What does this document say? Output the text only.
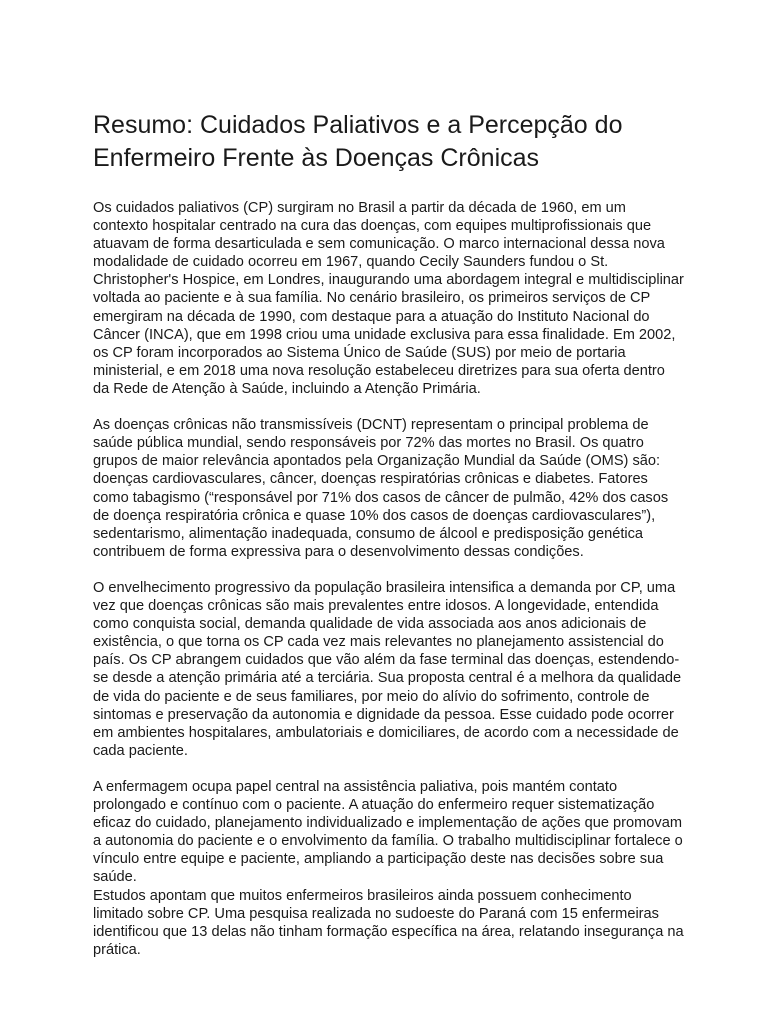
Resumo: Cuidados Paliativos e a Percepção do Enfermeiro Frente às Doenças Crônicas

Os cuidados paliativos (CP) surgiram no Brasil a partir da década de 1960, em um contexto hospitalar centrado na cura das doenças, com equipes multiprofissionais que atuavam de forma desarticulada e sem comunicação. O marco internacional dessa nova modalidade de cuidado ocorreu em 1967, quando Cecily Saunders fundou o St. Christopher's Hospice, em Londres, inaugurando uma abordagem integral e multidisciplinar voltada ao paciente e à sua família. No cenário brasileiro, os primeiros serviços de CP emergiram na década de 1990, com destaque para a atuação do Instituto Nacional do Câncer (INCA), que em 1998 criou uma unidade exclusiva para essa finalidade. Em 2002, os CP foram incorporados ao Sistema Único de Saúde (SUS) por meio de portaria ministerial, e em 2018 uma nova resolução estabeleceu diretrizes para sua oferta dentro da Rede de Atenção à Saúde, incluindo a Atenção Primária.

As doenças crônicas não transmissíveis (DCNT) representam o principal problema de saúde pública mundial, sendo responsáveis por 72% das mortes no Brasil. Os quatro grupos de maior relevância apontados pela Organização Mundial da Saúde (OMS) são: doenças cardiovasculares, câncer, doenças respiratórias crônicas e diabetes. Fatores como tabagismo (“responsável por 71% dos casos de câncer de pulmão, 42% dos casos de doença respiratória crônica e quase 10% dos casos de doenças cardiovasculares”), sedentarismo, alimentação inadequada, consumo de álcool e predisposição genética contribuem de forma expressiva para o desenvolvimento dessas condições.

O envelhecimento progressivo da população brasileira intensifica a demanda por CP, uma vez que doenças crônicas são mais prevalentes entre idosos. A longevidade, entendida como conquista social, demanda qualidade de vida associada aos anos adicionais de existência, o que torna os CP cada vez mais relevantes no planejamento assistencial do país. Os CP abrangem cuidados que vão além da fase terminal das doenças, estendendo-se desde a atenção primária até a terciária. Sua proposta central é a melhora da qualidade de vida do paciente e de seus familiares, por meio do alívio do sofrimento, controle de sintomas e preservação da autonomia e dignidade da pessoa. Esse cuidado pode ocorrer em ambientes hospitalares, ambulatoriais e domiciliares, de acordo com a necessidade de cada paciente.

A enfermagem ocupa papel central na assistência paliativa, pois mantém contato prolongado e contínuo com o paciente. A atuação do enfermeiro requer sistematização eficaz do cuidado, planejamento individualizado e implementação de ações que promovam a autonomia do paciente e o envolvimento da família. O trabalho multidisciplinar fortalece o vínculo entre equipe e paciente, ampliando a participação deste nas decisões sobre sua saúde.

Estudos apontam que muitos enfermeiros brasileiros ainda possuem conhecimento limitado sobre CP. Uma pesquisa realizada no sudoeste do Paraná com 15 enfermeiras identificou que 13 delas não tinham formação específica na área, relatando insegurança na prática.
